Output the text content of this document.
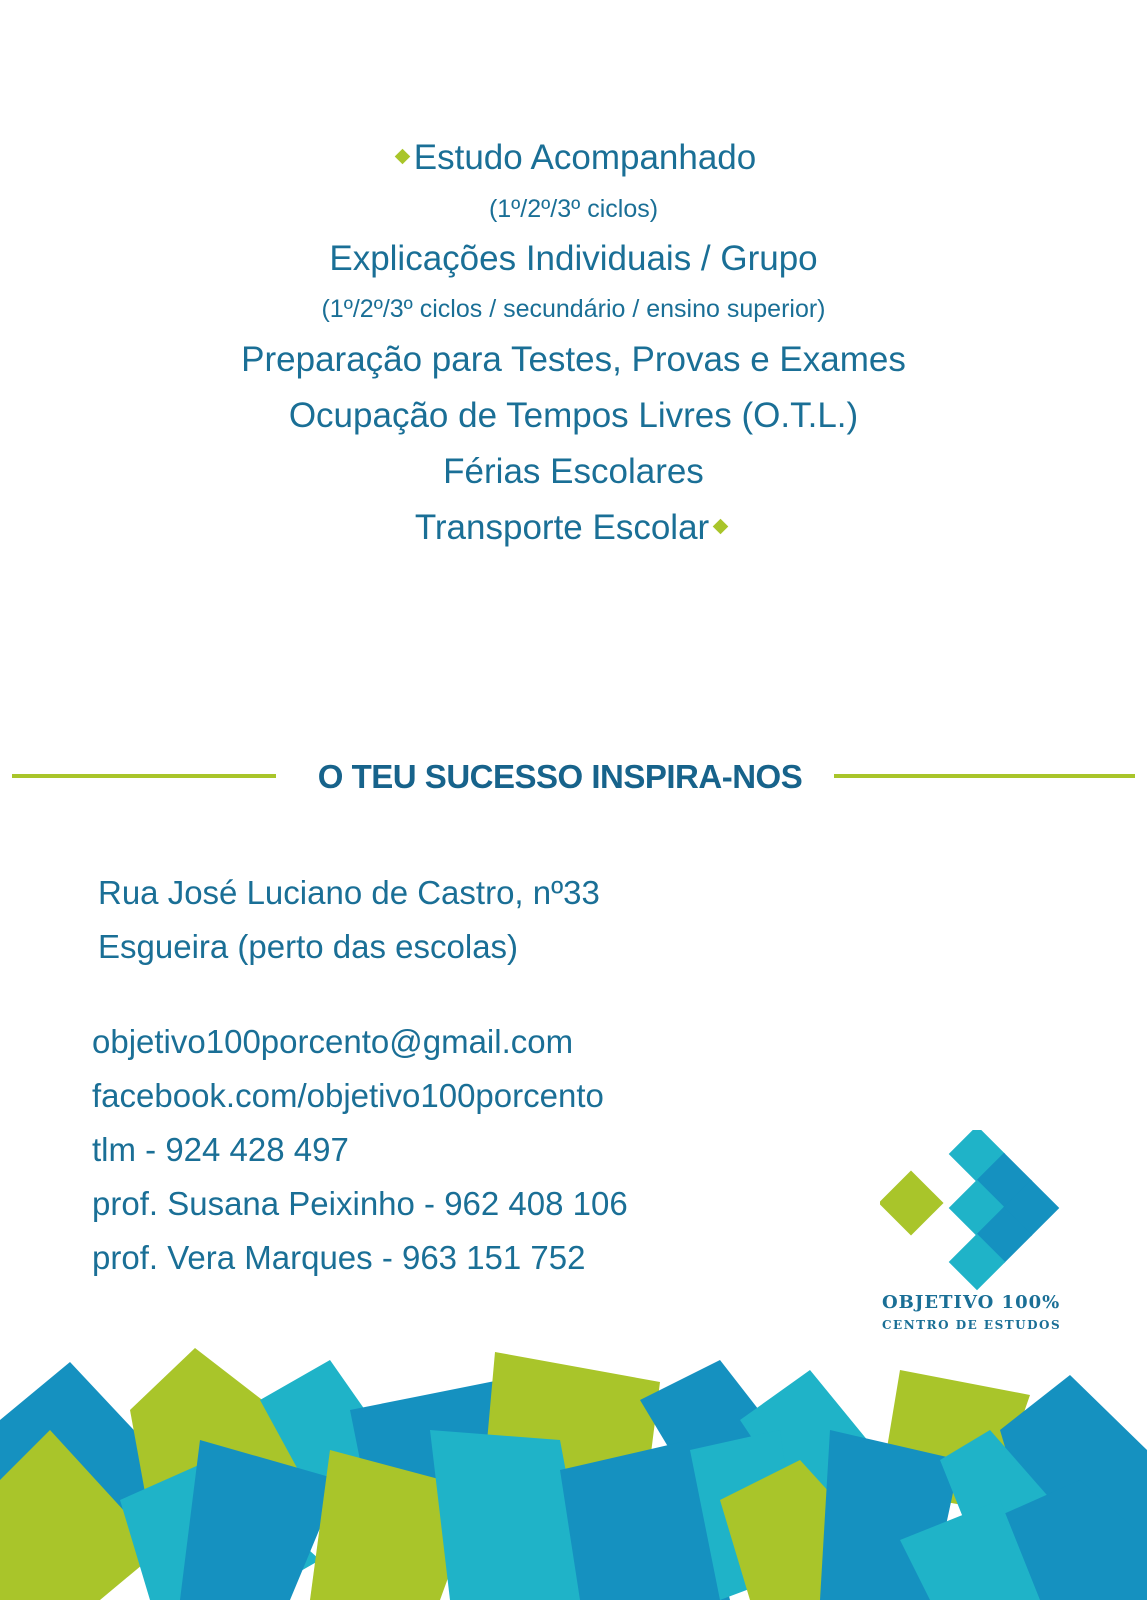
Estudo Acompanhado
(1º/2º/3º ciclos)
Explicações Individuais / Grupo
(1º/2º/3º ciclos / secundário / ensino superior)
Preparação para Testes, Provas e Exames
Ocupação de Tempos Livres (O.T.L.)
Férias Escolares
Transporte Escolar
O TEU SUCESSO INSPIRA-NOS
Rua José Luciano de Castro, nº33
Esgueira (perto das escolas)
objetivo100porcento@gmail.com
facebook.com/objetivo100porcento
tlm - 924 428 497
prof. Susana Peixinho - 962 408 106
prof. Vera Marques - 963 151 752
OBJETIVO 100%
CENTRO DE ESTUDOS
